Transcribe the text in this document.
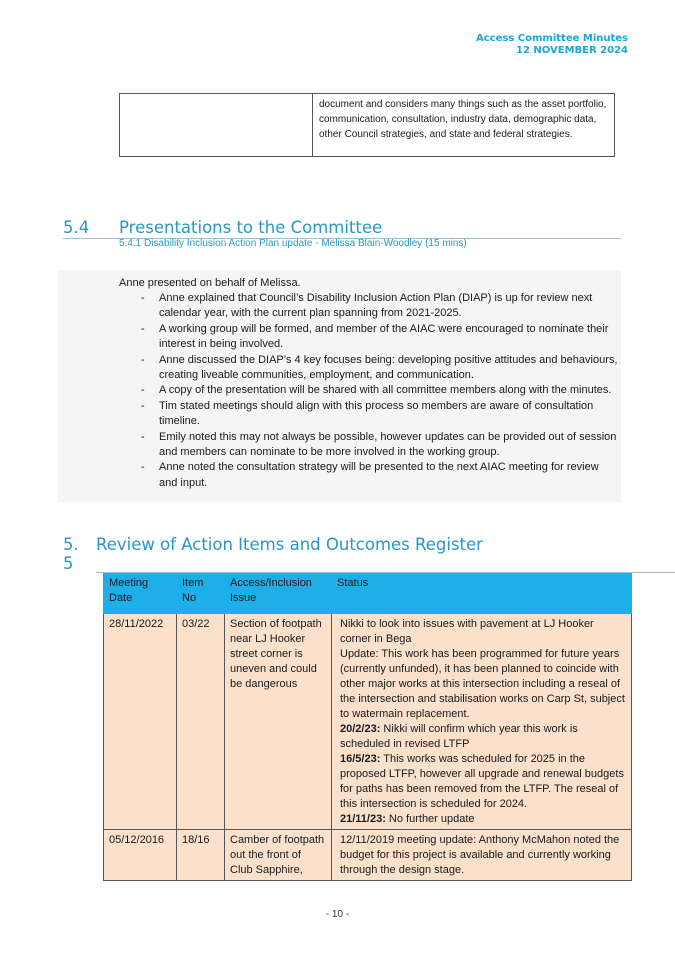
Access Committee Minutes
12 NOVEMBER 2024
	document and considers many things such as the asset portfolio, communication, consultation, industry data, demographic data, other Council strategies, and state and federal strategies.
5.4 Presentations to the Committee
5.4.1 Disability Inclusion Action Plan update - Melissa Blain-Woodley (15 mins)
Anne presented on behalf of Melissa.
- Anne explained that Council’s Disability Inclusion Action Plan (DIAP) is up for review next calendar year, with the current plan spanning from 2021-2025.
- A working group will be formed, and member of the AIAC were encouraged to nominate their interest in being involved.
- Anne discussed the DIAP’s 4 key focuses being: developing positive attitudes and behaviours, creating liveable communities, employment, and communication.
- A copy of the presentation will be shared with all committee members along with the minutes.
- Tim stated meetings should align with this process so members are aware of consultation timeline.
- Emily noted this may not always be possible, however updates can be provided out of session and members can nominate to be more involved in the working group.
- Anne noted the consultation strategy will be presented to the next AIAC meeting for review and input.
5. Review of Action Items and Outcomes Register
5
Meeting Date	Item No	Access/Inclusion Issue	Status
28/11/2022	03/22	Section of footpath near LJ Hooker street corner is uneven and could be dangerous	Nikki to look into issues with pavement at LJ Hooker corner in Bega
Update: This work has been programmed for future years (currently unfunded), it has been planned to coincide with other major works at this intersection including a reseal of the intersection and stabilisation works on Carp St, subject to watermain replacement.
20/2/23: Nikki will confirm which year this work is scheduled in revised LTFP
16/5/23: This works was scheduled for 2025 in the proposed LTFP, however all upgrade and renewal budgets for paths has been removed from the LTFP. The reseal of this intersection is scheduled for 2024.
21/11/23: No further update

05/12/2016	18/16	Camber of footpath out the front of Club Sapphire,	12/11/2019 meeting update: Anthony McMahon noted the budget for this project is available and currently working through the design stage.
- 10 -
